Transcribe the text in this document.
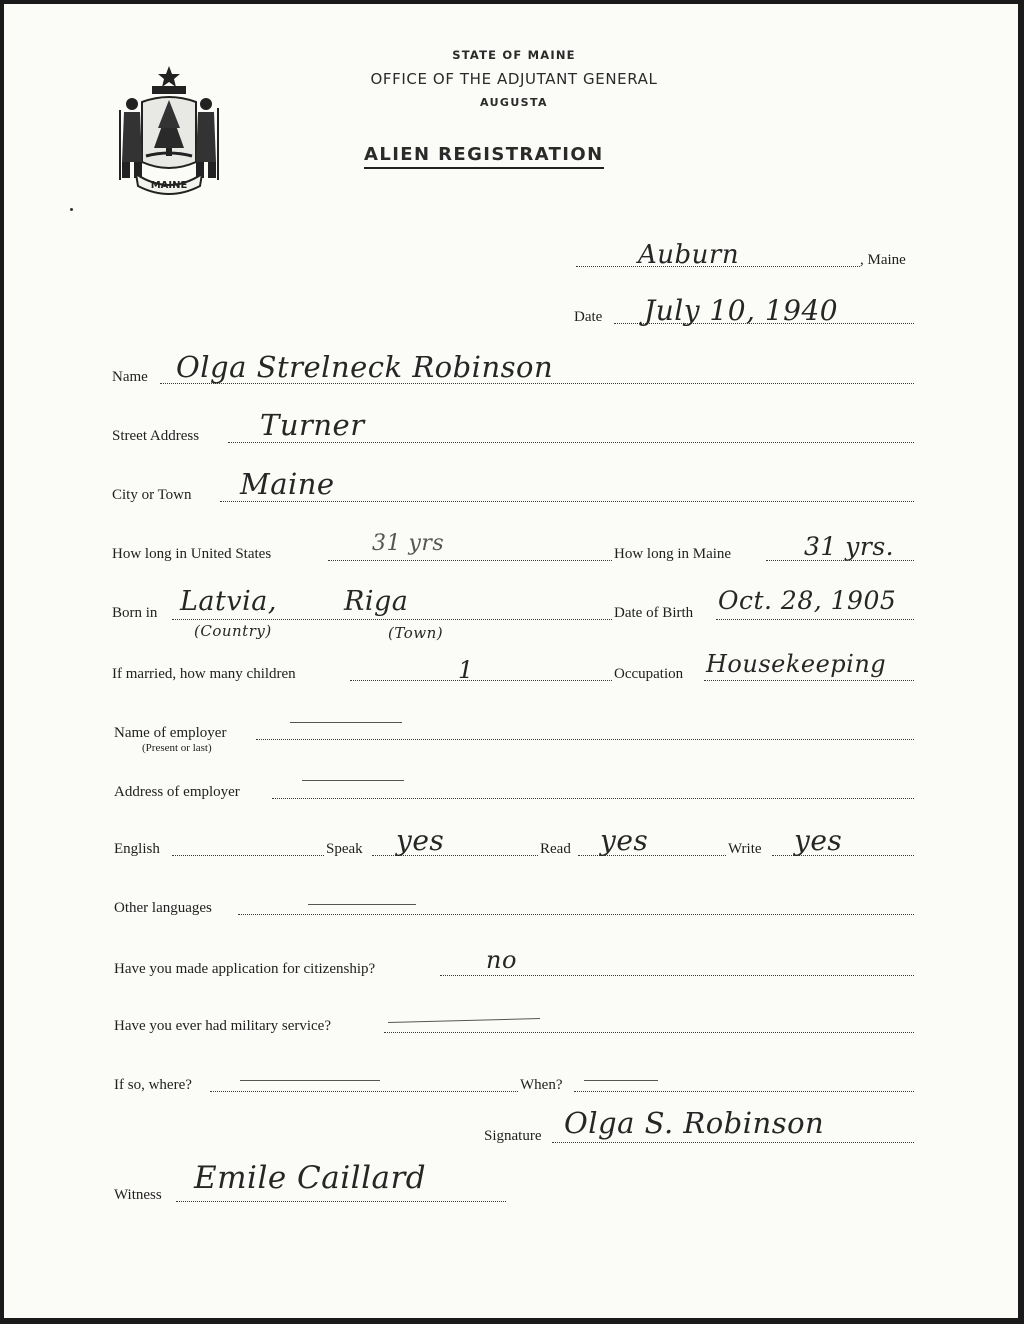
MAINE
STATE OF MAINE
OFFICE OF THE ADJUTANT GENERAL
AUGUSTA
ALIEN REGISTRATION
Auburn	, Maine
Date July 10, 1940
Name Olga Strelneck Robinson
Street Address Turner
City or Town Maine
How long in United States	31 yrs	How long in Maine	31 yrs.
Born in Latvia, Riga
(Country)	(Town)
Date of Birth Oct. 28, 1905
If married, how many children	1	Occupation Housekeeping
Name of employer
(Present or last)
Address of employer
English	Speak yes	Read yes	Write yes
Other languages
Have you made application for citizenship?	no
Have you ever had military service?
If so, where?	When?
Signature Olga S. Robinson
Witness Emile Caillard
